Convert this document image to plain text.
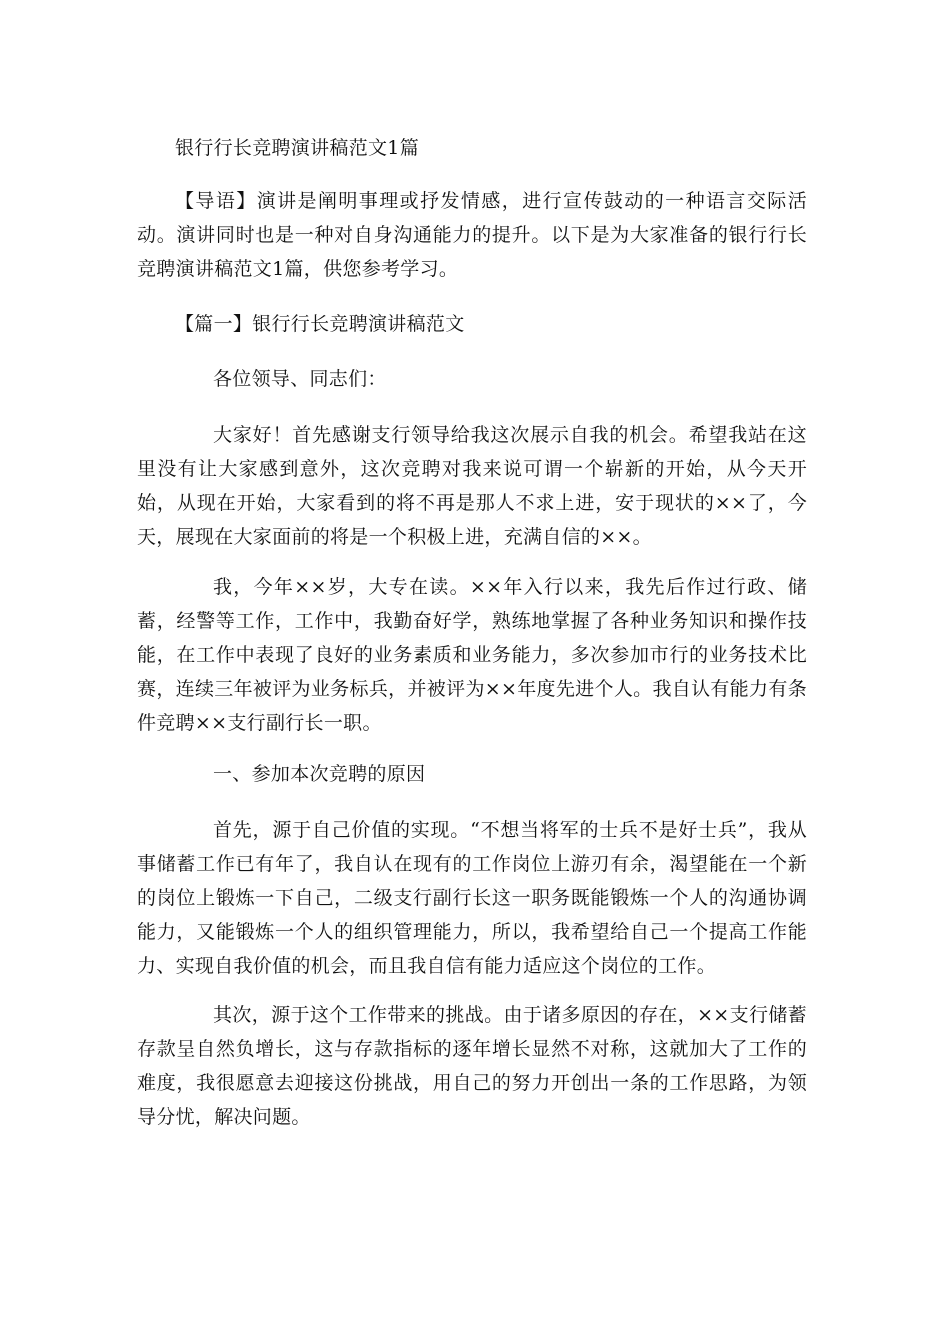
银行行长竞聘演讲稿范文1篇

【导语】演讲是阐明事理或抒发情感，进行宣传鼓动的一种语言交际活动。演讲同时也是一种对自身沟通能力的提升。以下是为大家准备的银行行长竞聘演讲稿范文1篇，供您参考学习。

【篇一】银行行长竞聘演讲稿范文

各位领导、同志们：

大家好！首先感谢支行领导给我这次展示自我的机会。希望我站在这里没有让大家感到意外，这次竞聘对我来说可谓一个崭新的开始，从今天开始，从现在开始，大家看到的将不再是那人不求上进，安于现状的××了，今天，展现在大家面前的将是一个积极上进，充满自信的××。

我，今年××岁，大专在读。××年入行以来，我先后作过行政、储蓄，经警等工作，工作中，我勤奋好学，熟练地掌握了各种业务知识和操作技能，在工作中表现了良好的业务素质和业务能力，多次参加市行的业务技术比赛，连续三年被评为业务标兵，并被评为××年度先进个人。我自认有能力有条件竞聘××支行副行长一职。

一、参加本次竞聘的原因

首先，源于自己价值的实现。“不想当将军的士兵不是好士兵”，我从事储蓄工作已有年了，我自认在现有的工作岗位上游刃有余，渴望能在一个新的岗位上锻炼一下自己，二级支行副行长这一职务既能锻炼一个人的沟通协调能力，又能锻炼一个人的组织管理能力，所以，我希望给自己一个提高工作能力、实现自我价值的机会，而且我自信有能力适应这个岗位的工作。

其次，源于这个工作带来的挑战。由于诸多原因的存在，××支行储蓄存款呈自然负增长，这与存款指标的逐年增长显然不对称，这就加大了工作的难度，我很愿意去迎接这份挑战，用自己的努力开创出一条的工作思路，为领导分忧，解决问题。
